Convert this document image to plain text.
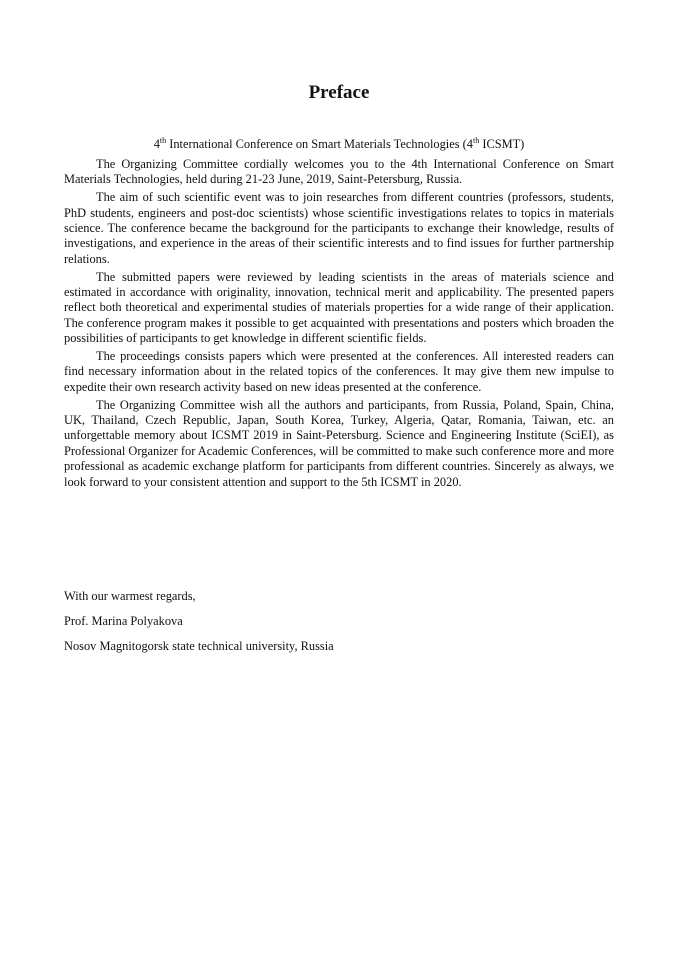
Preface
4th International Conference on Smart Materials Technologies (4th ICSMT)

The Organizing Committee cordially welcomes you to the 4th International Conference on Smart Materials Technologies, held during 21-23 June, 2019, Saint-Petersburg, Russia.

The aim of such scientific event was to join researches from different countries (professors, students, PhD students, engineers and post-doc scientists) whose scientific investigations relates to topics in materials science. The conference became the background for the participants to exchange their knowledge, results of investigations, and experience in the areas of their scientific interests and to find issues for further partnership relations.

The submitted papers were reviewed by leading scientists in the areas of materials science and estimated in accordance with originality, innovation, technical merit and applicability. The presented papers reflect both theoretical and experimental studies of materials properties for a wide range of their application. The conference program makes it possible to get acquainted with presentations and posters which broaden the possibilities of participants to get knowledge in different scientific fields.

The proceedings consists papers which were presented at the conferences. All interested readers can find necessary information about in the related topics of the conferences. It may give them new impulse to expedite their own research activity based on new ideas presented at the conference.

The Organizing Committee wish all the authors and participants, from Russia, Poland, Spain, China, UK, Thailand, Czech Republic, Japan, South Korea, Turkey, Algeria, Qatar, Romania, Taiwan, etc. an unforgettable memory about ICSMT 2019 in Saint-Petersburg. Science and Engineering Institute (SciEI), as Professional Organizer for Academic Conferences, will be committed to make such conference more and more professional as academic exchange platform for participants from different countries. Sincerely as always, we look forward to your consistent attention and support to the 5th ICSMT in 2020.

With our warmest regards,

Prof. Marina Polyakova

Nosov Magnitogorsk state technical university, Russia
